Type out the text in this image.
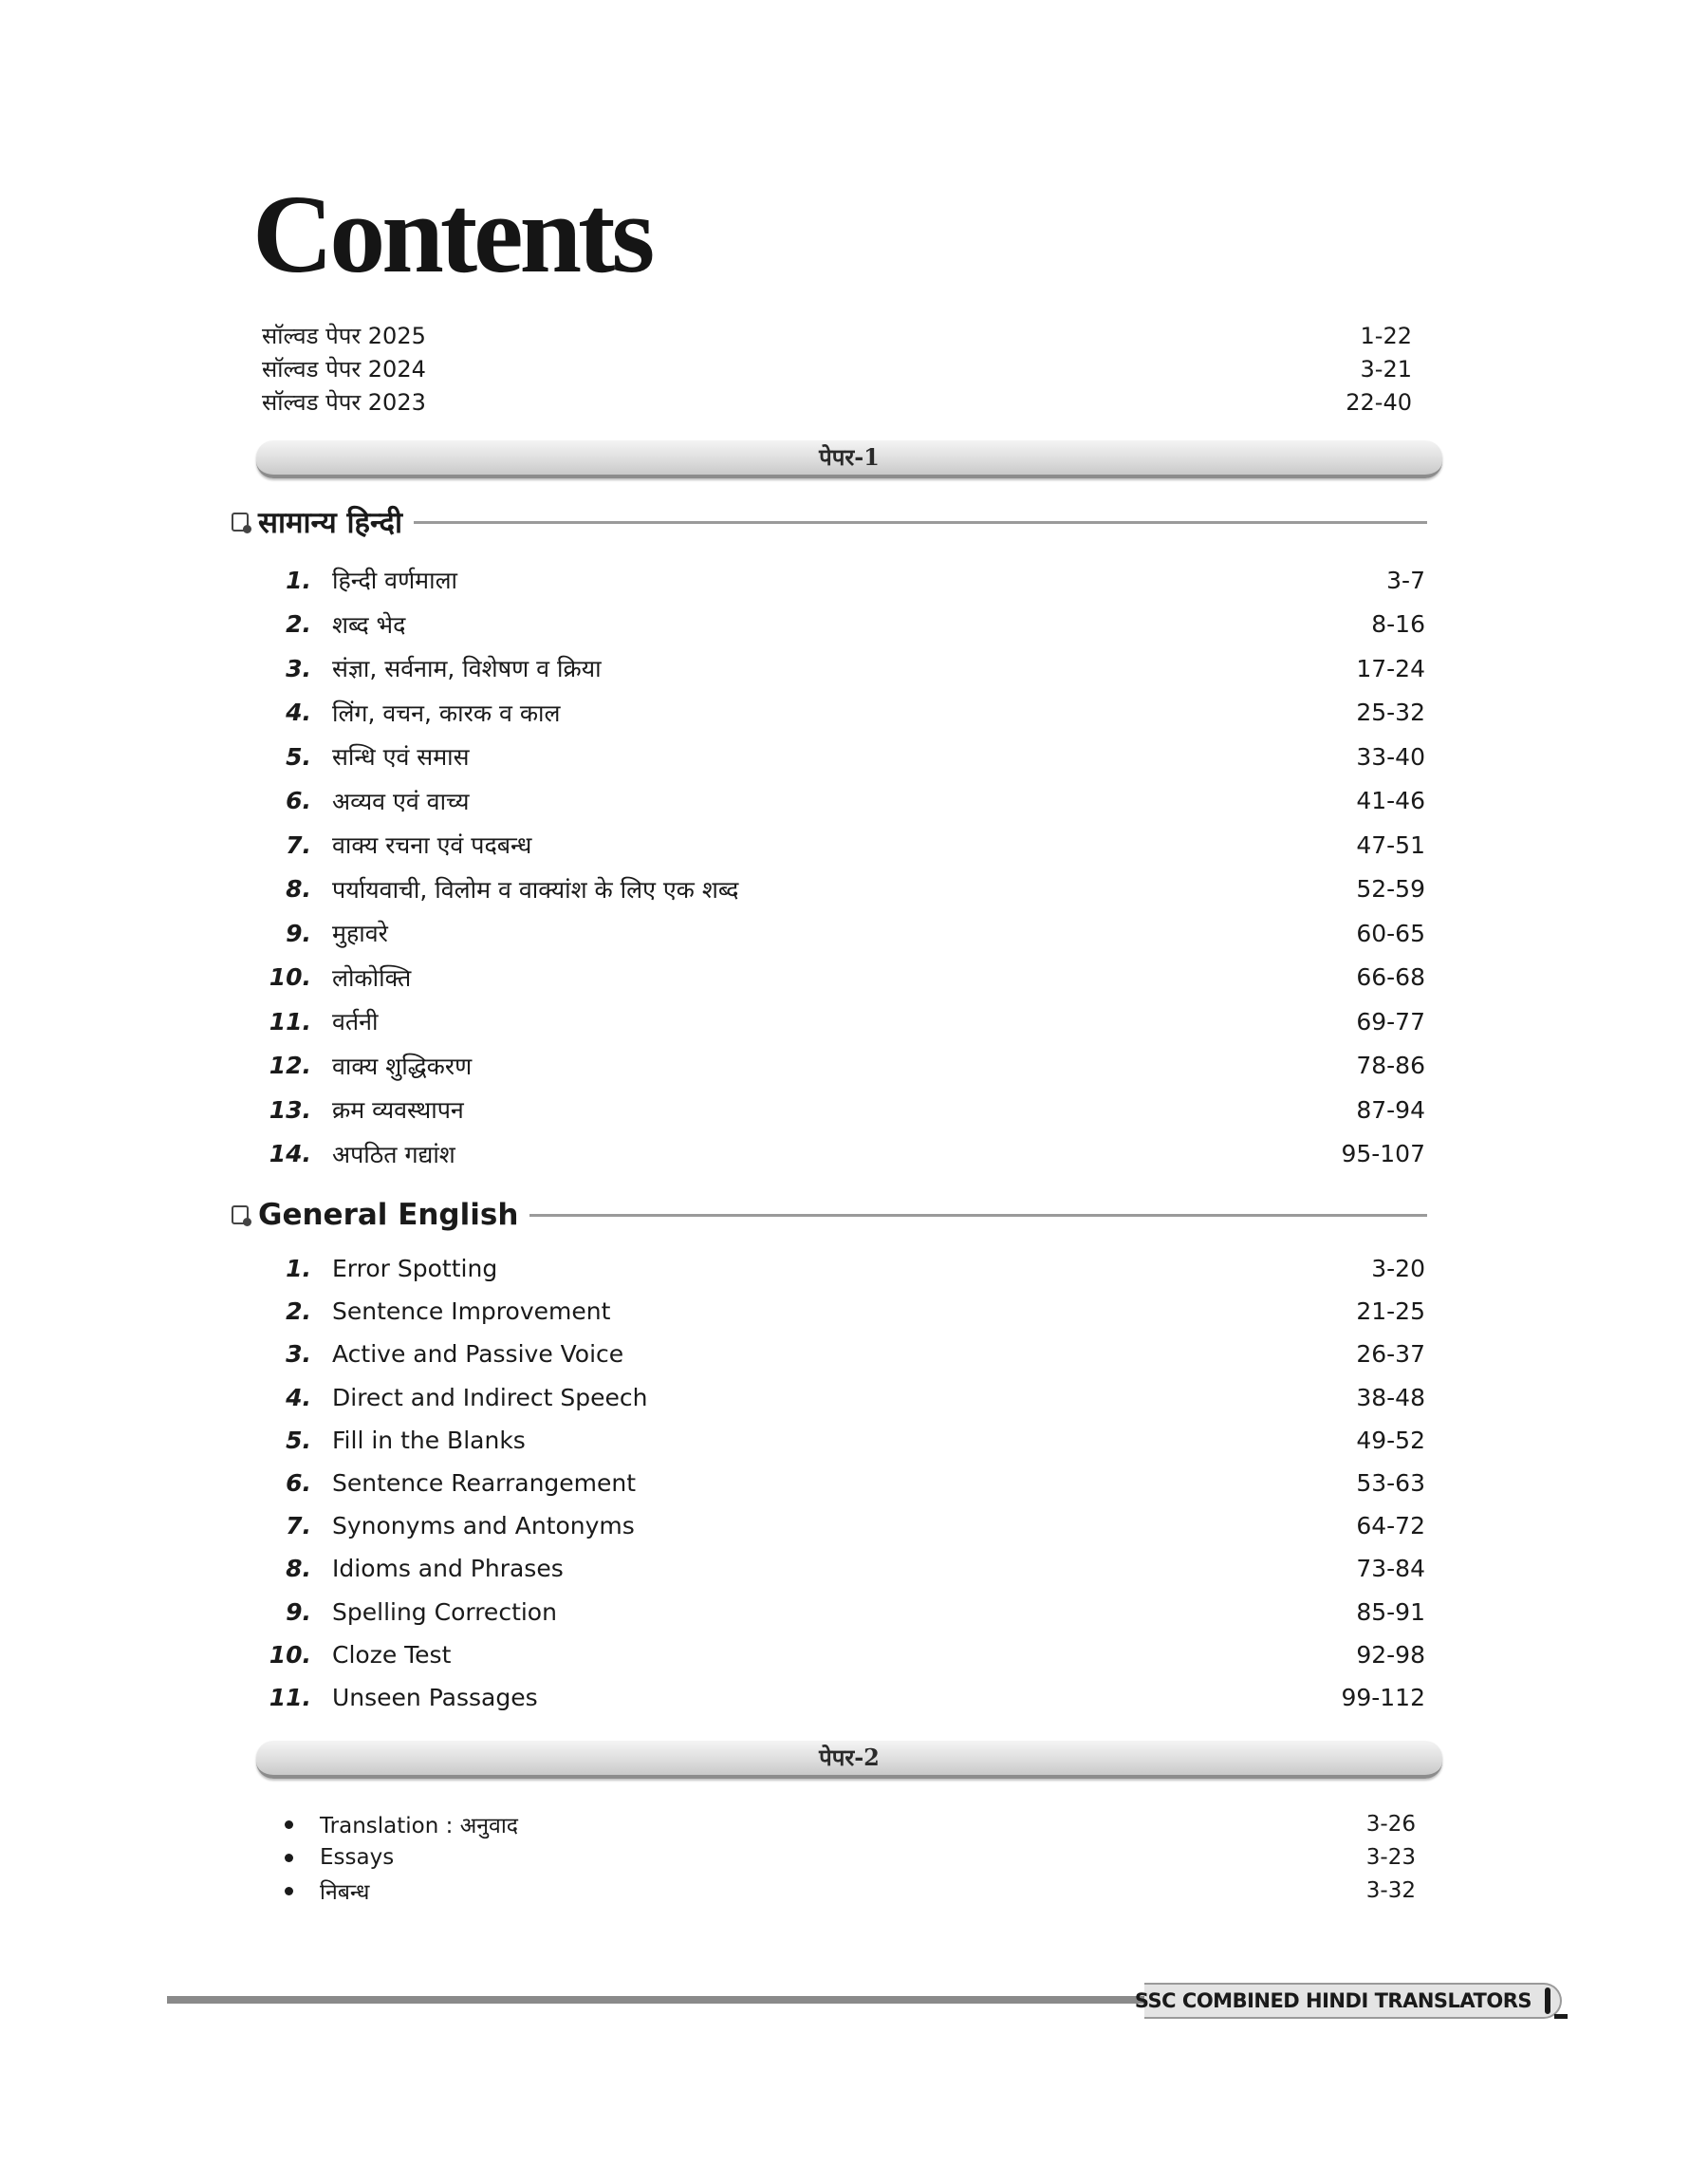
Contents
सॉल्वड पेपर 2025	1-22
सॉल्वड पेपर 2024	3-21
सॉल्वड पेपर 2023	22-40
पेपर-1
सामान्य हिन्दी
1. हिन्दी वर्णमाला	3-7
2. शब्द भेद	8-16
3. संज्ञा, सर्वनाम, विशेषण व क्रिया	17-24
4. लिंग, वचन, कारक व काल	25-32
5. सन्धि एवं समास	33-40
6. अव्यव एवं वाच्य	41-46
7. वाक्य रचना एवं पदबन्ध	47-51
8. पर्यायवाची, विलोम व वाक्यांश के लिए एक शब्द	52-59
9. मुहावरे	60-65
10. लोकोक्ति	66-68
11. वर्तनी	69-77
12. वाक्य शुद्धिकरण	78-86
13. क्रम व्यवस्थापन	87-94
14. अपठित गद्यांश	95-107
General English
1. Error Spotting	3-20
2. Sentence Improvement	21-25
3. Active and Passive Voice	26-37
4. Direct and Indirect Speech	38-48
5. Fill in the Blanks	49-52
6. Sentence Rearrangement	53-63
7. Synonyms and Antonyms	64-72
8. Idioms and Phrases	73-84
9. Spelling Correction	85-91
10. Cloze Test	92-98
11. Unseen Passages	99-112
पेपर-2
Translation : अनुवाद	3-26
Essays	3-23
निबन्ध	3-32
SSC COMBINED HINDI TRANSLATORS
